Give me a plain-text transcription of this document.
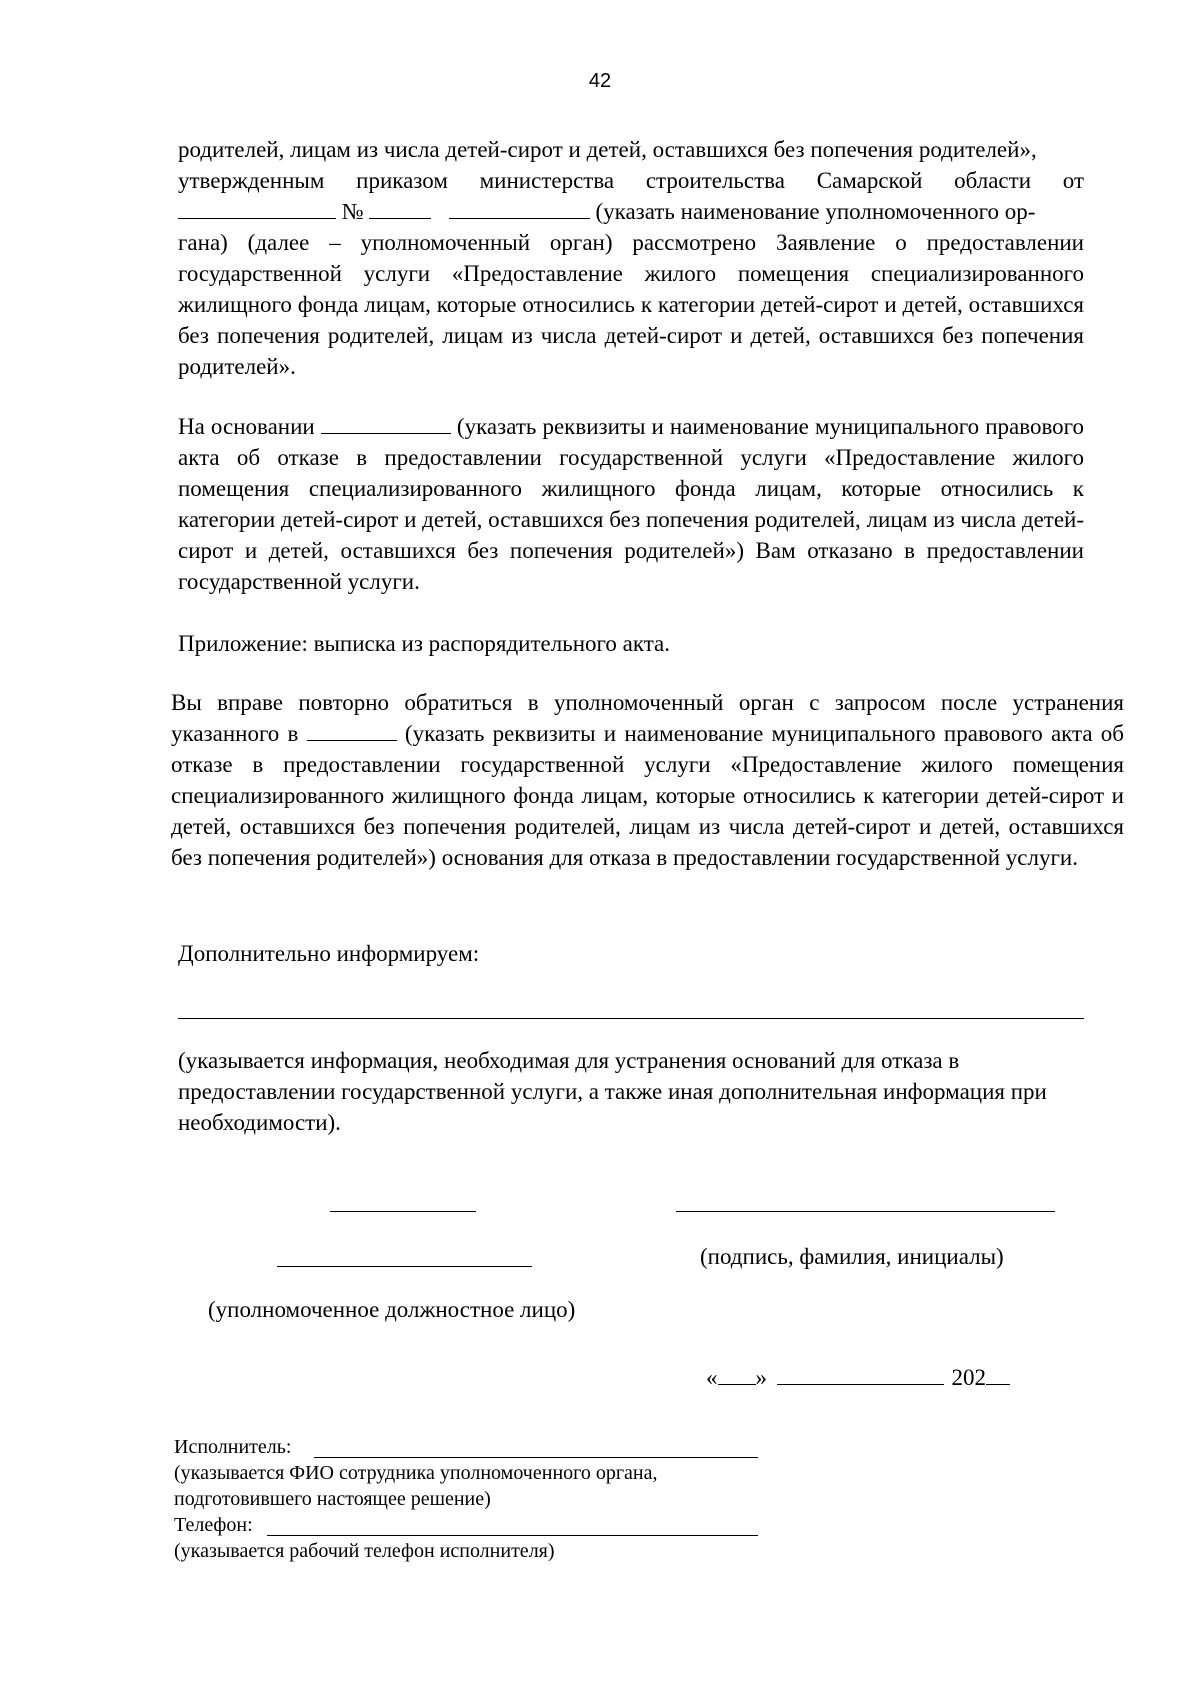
42
родителей, лицам из числа детей-сирот и детей, оставшихся без попечения родителей»,
утвержденным приказом министерства строительства Самарской области от
№	(указать наименование уполномоченного ор-
гана) (далее – уполномоченный орган) рассмотрено Заявление о предоставлении государственной услуги «Предоставление жилого помещения специализированного жилищного фонда лицам, которые относились к категории детей-сирот и детей, оставшихся без попечения родителей, лицам из числа детей-сирот и детей, оставшихся без попечения родителей».
На основании	(указать реквизиты и наименование муниципального правового акта об отказе в предоставлении государственной услуги «Предоставление жилого помещения специализированного жилищного фонда лицам, которые относились к категории детей-сирот и детей, оставшихся без попечения родителей, лицам из числа детей-сирот и детей, оставшихся без попечения родителей») Вам отказано в предоставлении государственной услуги.
Приложение: выписка из распорядительного акта.
Вы вправе повторно обратиться в уполномоченный орган с запросом после устранения указанного в	(указать реквизиты и наименование муниципального правового акта об отказе в предоставлении государственной услуги «Предоставление жилого помещения специализированного жилищного фонда лицам, которые относились к категории детей-сирот и детей, оставшихся без попечения родителей, лицам из числа детей-сирот и детей, оставшихся без попечения родителей») основания для отказа в предоставлении государственной услуги.
Дополнительно информируем:
(указывается информация, необходимая для устранения оснований для отказа в предоставлении государственной услуги, а также иная дополнительная информация при необходимости).
(подпись, фамилия, инициалы)
(уполномоченное должностное лицо)
« »	202
Исполнитель:
(указывается ФИО сотрудника уполномоченного органа,
подготовившего настоящее решение)
Телефон:
(указывается рабочий телефон исполнителя)
